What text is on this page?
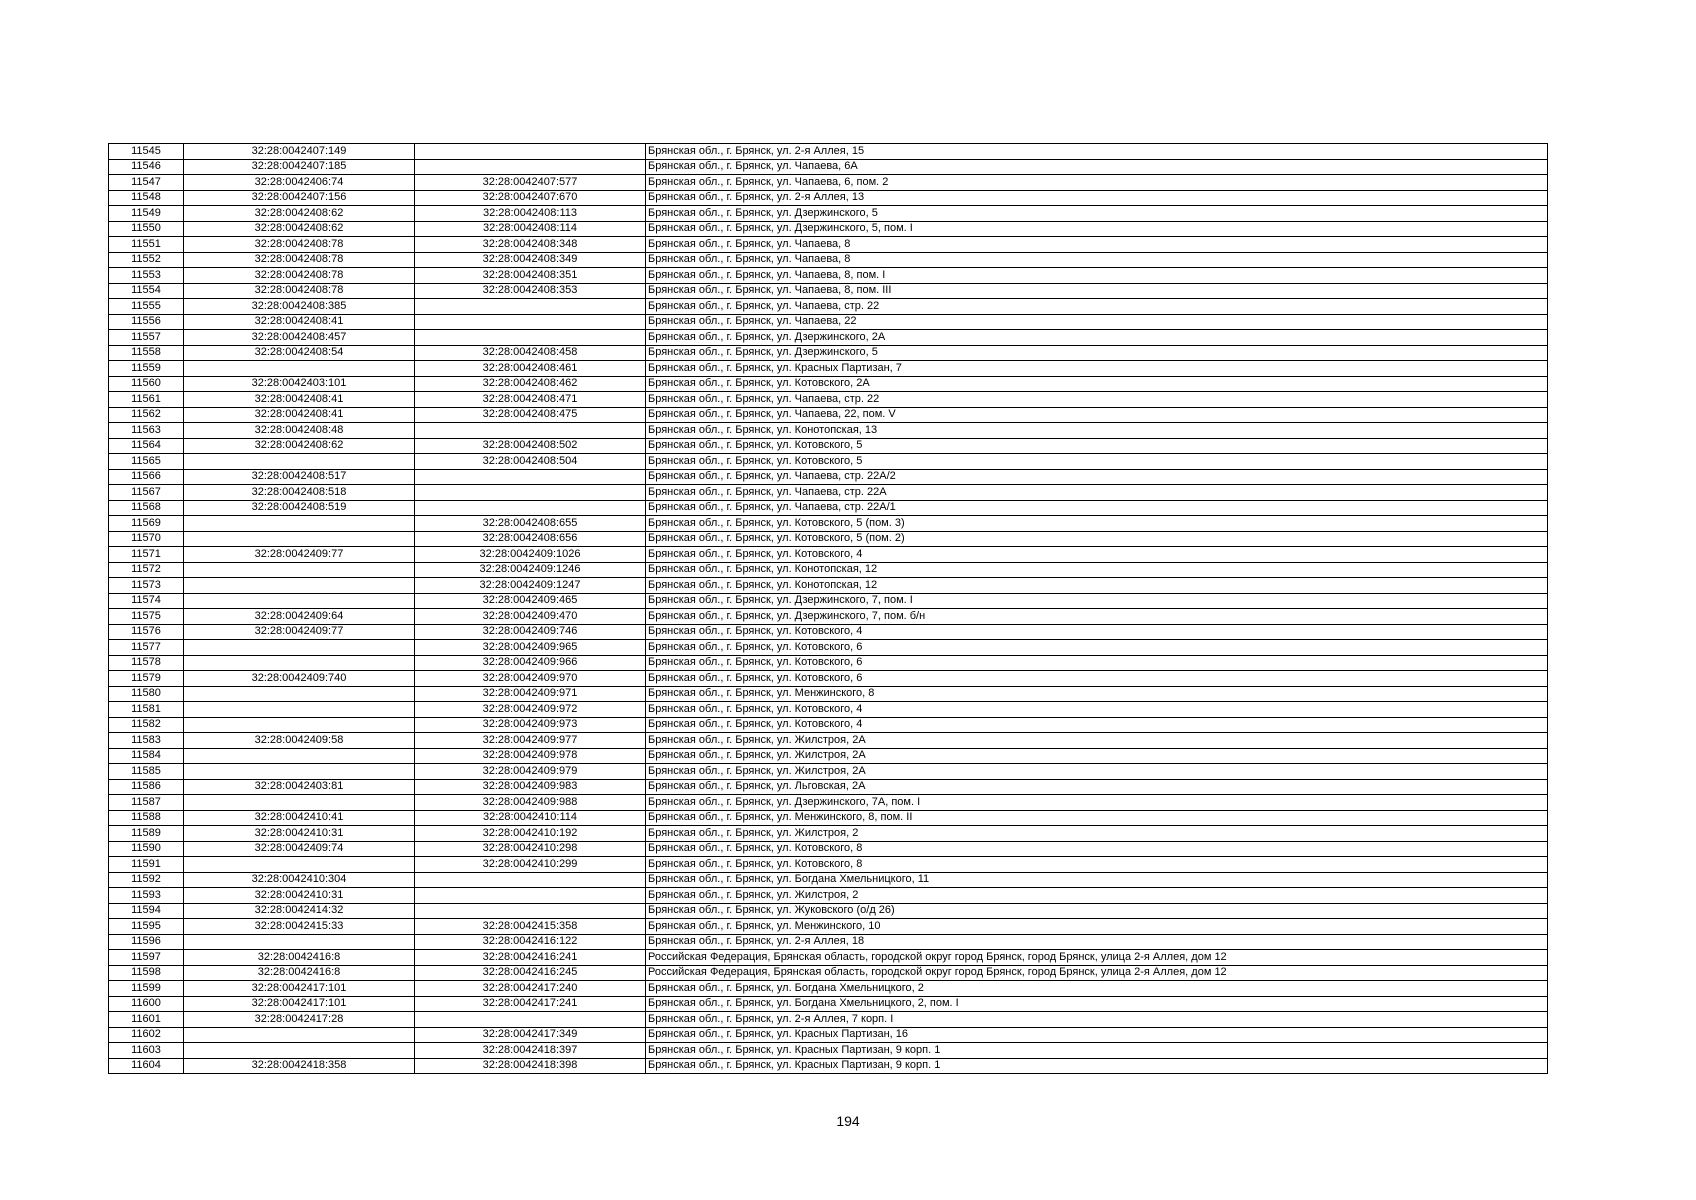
11545	32:28:0042407:149		Брянская обл., г. Брянск, ул. 2-я Аллея, 15
11546	32:28:0042407:185		Брянская обл., г. Брянск, ул. Чапаева, 6А
11547	32:28:0042406:74	32:28:0042407:577	Брянская обл., г. Брянск, ул. Чапаева, 6, пом. 2
11548	32:28:0042407:156	32:28:0042407:670	Брянская обл., г. Брянск, ул. 2-я Аллея, 13
11549	32:28:0042408:62	32:28:0042408:113	Брянская обл., г. Брянск, ул. Дзержинского, 5
11550	32:28:0042408:62	32:28:0042408:114	Брянская обл., г. Брянск, ул. Дзержинского, 5, пом. I
11551	32:28:0042408:78	32:28:0042408:348	Брянская обл., г. Брянск, ул. Чапаева, 8
11552	32:28:0042408:78	32:28:0042408:349	Брянская обл., г. Брянск, ул. Чапаева, 8
11553	32:28:0042408:78	32:28:0042408:351	Брянская обл., г. Брянск, ул. Чапаева, 8, пом. I
11554	32:28:0042408:78	32:28:0042408:353	Брянская обл., г. Брянск, ул. Чапаева, 8, пом. III
11555	32:28:0042408:385		Брянская обл., г. Брянск, ул. Чапаева, стр. 22
11556	32:28:0042408:41		Брянская обл., г. Брянск, ул. Чапаева, 22
11557	32:28:0042408:457		Брянская обл., г. Брянск, ул. Дзержинского, 2А
11558	32:28:0042408:54	32:28:0042408:458	Брянская обл., г. Брянск, ул. Дзержинского, 5
11559		32:28:0042408:461	Брянская обл., г. Брянск, ул. Красных Партизан, 7
11560	32:28:0042403:101	32:28:0042408:462	Брянская обл., г. Брянск, ул. Котовского, 2А
11561	32:28:0042408:41	32:28:0042408:471	Брянская обл., г. Брянск, ул. Чапаева, стр. 22
11562	32:28:0042408:41	32:28:0042408:475	Брянская обл., г. Брянск, ул. Чапаева, 22, пом. V
11563	32:28:0042408:48		Брянская обл., г. Брянск, ул. Конотопская, 13
11564	32:28:0042408:62	32:28:0042408:502	Брянская обл., г. Брянск, ул. Котовского, 5
11565		32:28:0042408:504	Брянская обл., г. Брянск, ул. Котовского, 5
11566	32:28:0042408:517		Брянская обл., г. Брянск, ул. Чапаева, стр. 22А/2
11567	32:28:0042408:518		Брянская обл., г. Брянск, ул. Чапаева, стр. 22А
11568	32:28:0042408:519		Брянская обл., г. Брянск, ул. Чапаева, стр. 22А/1
11569		32:28:0042408:655	Брянская обл., г. Брянск, ул. Котовского, 5 (пом. 3)
11570		32:28:0042408:656	Брянская обл., г. Брянск, ул. Котовского, 5 (пом. 2)
11571	32:28:0042409:77	32:28:0042409:1026	Брянская обл., г. Брянск, ул. Котовского, 4
11572		32:28:0042409:1246	Брянская обл., г. Брянск, ул. Конотопская, 12
11573		32:28:0042409:1247	Брянская обл., г. Брянск, ул. Конотопская, 12
11574		32:28:0042409:465	Брянская обл., г. Брянск, ул. Дзержинского, 7, пом. I
11575	32:28:0042409:64	32:28:0042409:470	Брянская обл., г. Брянск, ул. Дзержинского, 7, пом. б/н
11576	32:28:0042409:77	32:28:0042409:746	Брянская обл., г. Брянск, ул. Котовского, 4
11577		32:28:0042409:965	Брянская обл., г. Брянск, ул. Котовского, 6
11578		32:28:0042409:966	Брянская обл., г. Брянск, ул. Котовского, 6
11579	32:28:0042409:740	32:28:0042409:970	Брянская обл., г. Брянск, ул. Котовского, 6
11580		32:28:0042409:971	Брянская обл., г. Брянск, ул. Менжинского, 8
11581		32:28:0042409:972	Брянская обл., г. Брянск, ул. Котовского, 4
11582		32:28:0042409:973	Брянская обл., г. Брянск, ул. Котовского, 4
11583	32:28:0042409:58	32:28:0042409:977	Брянская обл., г. Брянск, ул. Жилстроя, 2А
11584		32:28:0042409:978	Брянская обл., г. Брянск, ул. Жилстроя, 2А
11585		32:28:0042409:979	Брянская обл., г. Брянск, ул. Жилстроя, 2А
11586	32:28:0042403:81	32:28:0042409:983	Брянская обл., г. Брянск, ул. Льговская, 2А
11587		32:28:0042409:988	Брянская обл., г. Брянск, ул. Дзержинского, 7А, пом. I
11588	32:28:0042410:41	32:28:0042410:114	Брянская обл., г. Брянск, ул. Менжинского, 8, пом. II
11589	32:28:0042410:31	32:28:0042410:192	Брянская обл., г. Брянск, ул. Жилстроя, 2
11590	32:28:0042409:74	32:28:0042410:298	Брянская обл., г. Брянск, ул. Котовского, 8
11591		32:28:0042410:299	Брянская обл., г. Брянск, ул. Котовского, 8
11592	32:28:0042410:304		Брянская обл., г. Брянск, ул. Богдана Хмельницкого, 11
11593	32:28:0042410:31		Брянская обл., г. Брянск, ул. Жилстроя, 2
11594	32:28:0042414:32		Брянская обл., г. Брянск, ул. Жуковского (о/д 26)
11595	32:28:0042415:33	32:28:0042415:358	Брянская обл., г. Брянск, ул. Менжинского, 10
11596		32:28:0042416:122	Брянская обл., г. Брянск, ул. 2-я Аллея, 18
11597	32:28:0042416:8	32:28:0042416:241	Российская Федерация, Брянская область, городской округ город Брянск, город Брянск, улица 2-я Аллея, дом 12
11598	32:28:0042416:8	32:28:0042416:245	Российская Федерация, Брянская область, городской округ город Брянск, город Брянск, улица 2-я Аллея, дом 12
11599	32:28:0042417:101	32:28:0042417:240	Брянская обл., г. Брянск, ул. Богдана Хмельницкого, 2
11600	32:28:0042417:101	32:28:0042417:241	Брянская обл., г. Брянск, ул. Богдана Хмельницкого, 2, пом. I
11601	32:28:0042417:28		Брянская обл., г. Брянск, ул. 2-я Аллея, 7 корп. I
11602		32:28:0042417:349	Брянская обл., г. Брянск, ул. Красных Партизан, 16
11603		32:28:0042418:397	Брянская обл., г. Брянск, ул. Красных Партизан, 9 корп. 1
11604	32:28:0042418:358	32:28:0042418:398	Брянская обл., г. Брянск, ул. Красных Партизан, 9 корп. 1
194
